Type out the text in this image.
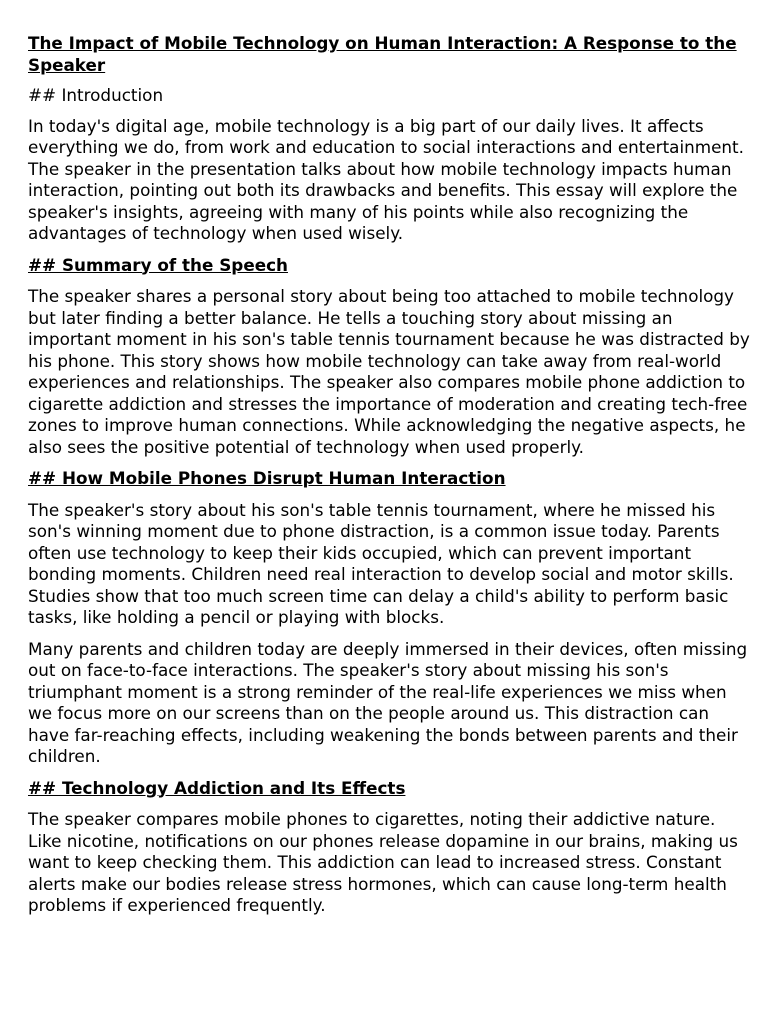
The Impact of Mobile Technology on Human Interaction: A Response to the Speaker
## Introduction

In today's digital age, mobile technology is a big part of our daily lives. It affects everything we do, from work and education to social interactions and entertainment. The speaker in the presentation talks about how mobile technology impacts human interaction, pointing out both its drawbacks and benefits. This essay will explore the speaker's insights, agreeing with many of his points while also recognizing the advantages of technology when used wisely.

## Summary of the Speech

The speaker shares a personal story about being too attached to mobile technology but later finding a better balance. He tells a touching story about missing an important moment in his son's table tennis tournament because he was distracted by his phone. This story shows how mobile technology can take away from real-world experiences and relationships. The speaker also compares mobile phone addiction to cigarette addiction and stresses the importance of moderation and creating tech-free zones to improve human connections. While acknowledging the negative aspects, he also sees the positive potential of technology when used properly.

## How Mobile Phones Disrupt Human Interaction

The speaker's story about his son's table tennis tournament, where he missed his son's winning moment due to phone distraction, is a common issue today. Parents often use technology to keep their kids occupied, which can prevent important bonding moments. Children need real interaction to develop social and motor skills. Studies show that too much screen time can delay a child's ability to perform basic tasks, like holding a pencil or playing with blocks.

Many parents and children today are deeply immersed in their devices, often missing out on face-to-face interactions. The speaker's story about missing his son's triumphant moment is a strong reminder of the real-life experiences we miss when we focus more on our screens than on the people around us. This distraction can have far-reaching effects, including weakening the bonds between parents and their children.

## Technology Addiction and Its Effects

The speaker compares mobile phones to cigarettes, noting their addictive nature. Like nicotine, notifications on our phones release dopamine in our brains, making us want to keep checking them. This addiction can lead to increased stress. Constant alerts make our bodies release stress hormones, which can cause long-term health problems if experienced frequently.
